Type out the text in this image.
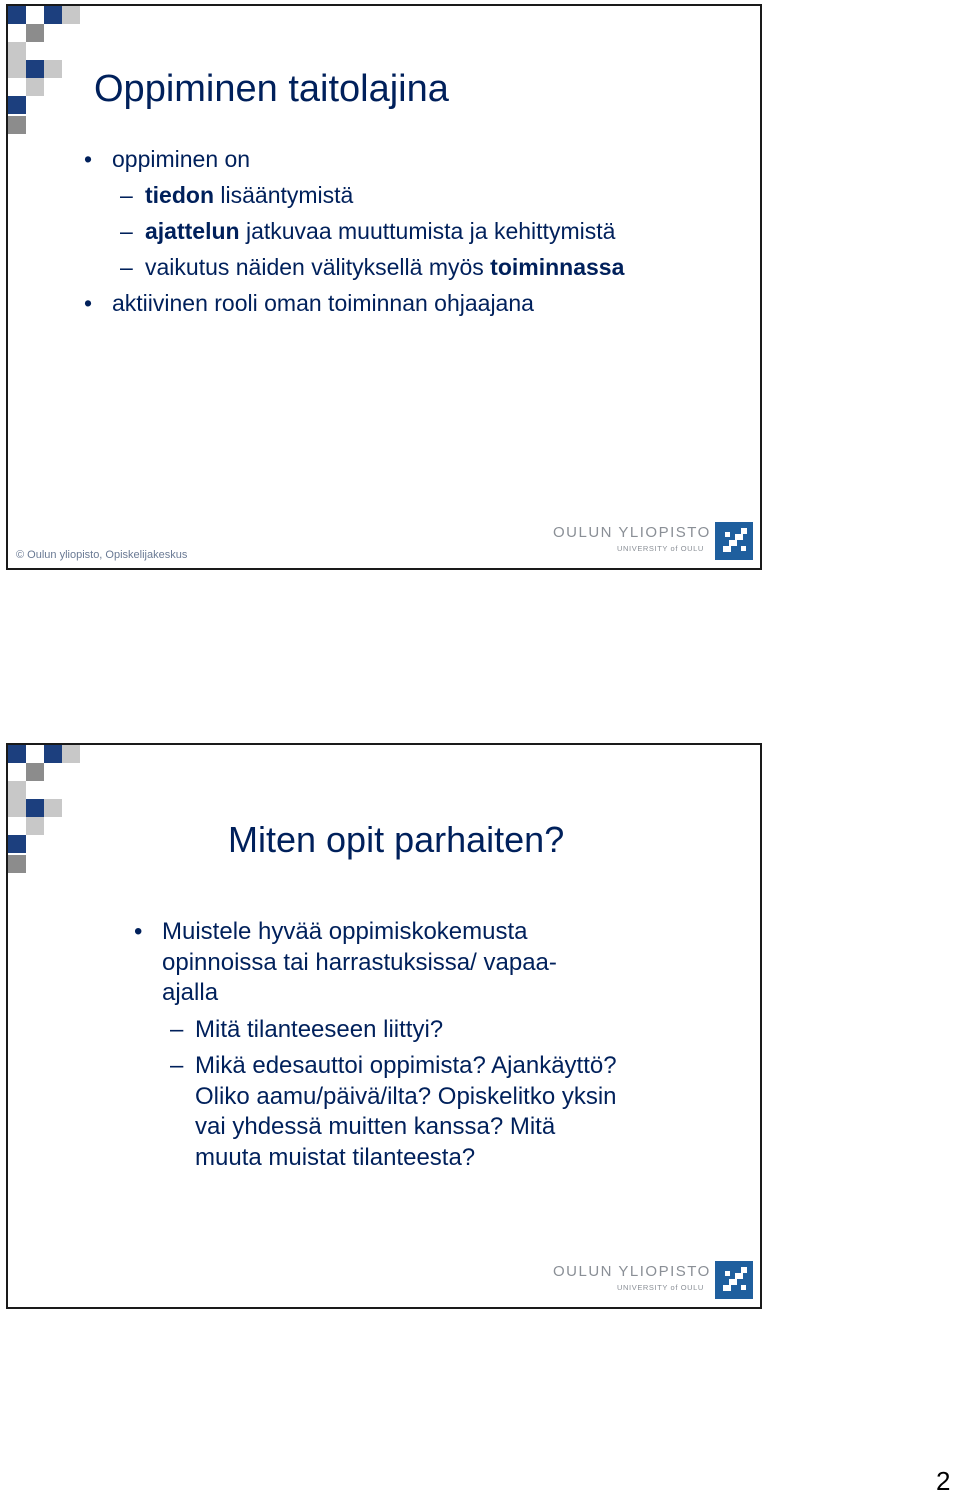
Oppiminen taitolajina
• oppiminen on
– tiedon lisääntymistä
– ajattelun jatkuvaa muuttumista ja kehittymistä
– vaikutus näiden välityksellä myös toiminnassa
• aktiivinen rooli oman toiminnan ohjaajana
© Oulun yliopisto, Opiskelijakeskus
OULUN YLIOPISTO
UNIVERSITY of OULU
Miten opit parhaiten?
• Muistele hyvää oppimiskokemusta opinnoissa tai harrastuksissa/ vapaa-ajalla
– Mitä tilanteeseen liittyi?
– Mikä edesauttoi oppimista? Ajankäyttö? Oliko aamu/päivä/ilta? Opiskelitko yksin vai yhdessä muitten kanssa? Mitä muuta muistat tilanteesta?
OULUN YLIOPISTO
UNIVERSITY of OULU
2
